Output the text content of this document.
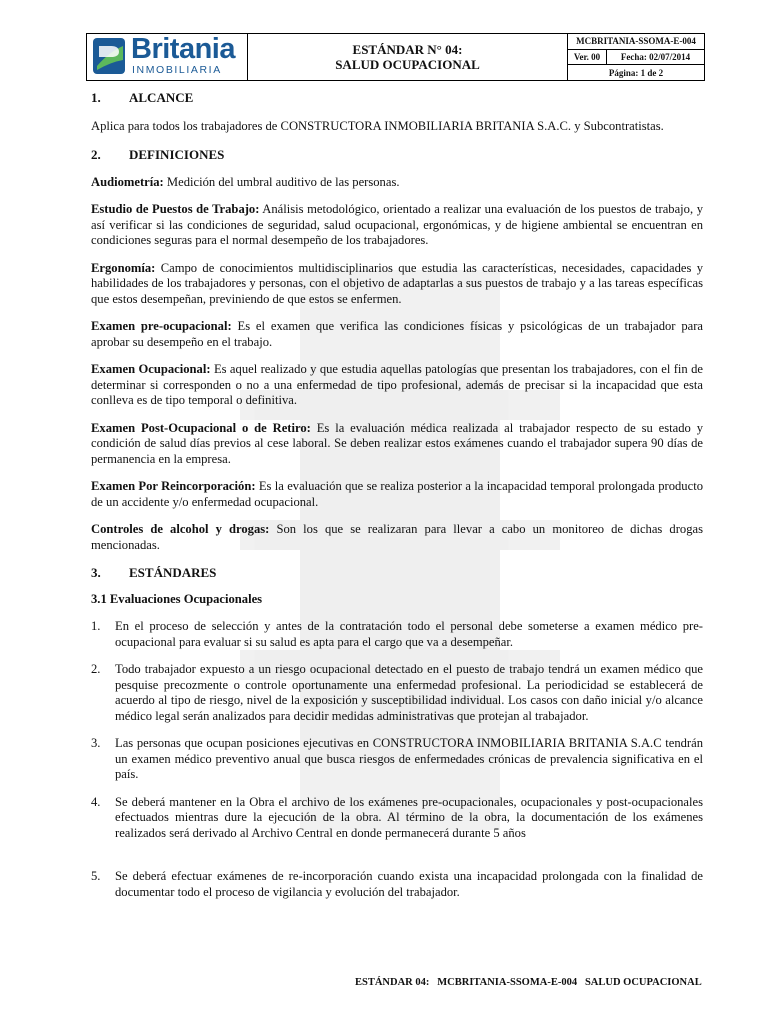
Britania
INMOBILIARIA
ESTÁNDAR N° 04:
SALUD OCUPACIONAL
MCBRITANIA-SSOMA-E-004
Ver. 00	Fecha: 02/07/2014
Página: 1 de 2
1.	ALCANCE

Aplica para todos los trabajadores de CONSTRUCTORA INMOBILIARIA BRITANIA S.A.C. y Subcontratistas.

2.	DEFINICIONES

Audiometría: Medición del umbral auditivo de las personas.

Estudio de Puestos de Trabajo: Análisis metodológico, orientado a realizar una evaluación de los puestos de trabajo, y así verificar si las condiciones de seguridad, salud ocupacional, ergonómicas, y de higiene ambiental se encuentran en condiciones seguras para el normal desempeño de los trabajadores.

Ergonomía: Campo de conocimientos multidisciplinarios que estudia las características, necesidades, capacidades y habilidades de los trabajadores y personas, con el objetivo de adaptarlas a sus puestos de trabajo y a las tareas específicas que estos desempeñan, previniendo de que estos se enfermen.

Examen pre-ocupacional: Es el examen que verifica las condiciones físicas y psicológicas de un trabajador para aprobar su desempeño en el trabajo.

Examen Ocupacional: Es aquel realizado y que estudia aquellas patologías que presentan los trabajadores, con el fin de determinar si corresponden o no a una enfermedad de tipo profesional, además de precisar si la incapacidad que esta conlleva es de tipo temporal o definitiva.

Examen Post-Ocupacional o de Retiro: Es la evaluación médica realizada al trabajador respecto de su estado y condición de salud días previos al cese laboral. Se deben realizar estos exámenes cuando el trabajador supera 90 días de permanencia en la empresa.

Examen Por Reincorporación: Es la evaluación que se realiza posterior a la incapacidad temporal prolongada producto de un accidente y/o enfermedad ocupacional.

Controles de alcohol y drogas: Son los que se realizaran para llevar a cabo un monitoreo de dichas drogas mencionadas.

3.	ESTÁNDARES

3.1 Evaluaciones Ocupacionales

1.	En el proceso de selección y antes de la contratación todo el personal debe someterse a examen médico pre-ocupacional para evaluar si su salud es apta para el cargo que va a desempeñar.
2.	Todo trabajador expuesto a un riesgo ocupacional detectado en el puesto de trabajo tendrá un examen médico que pesquise precozmente o controle oportunamente una enfermedad profesional. La periodicidad se establecerá de acuerdo al tipo de riesgo, nivel de la exposición y susceptibilidad individual. Los casos con daño inicial y/o alcance médico legal serán analizados para decidir medidas administrativas que protejan al trabajador.
3.	Las personas que ocupan posiciones ejecutivas en CONSTRUCTORA INMOBILIARIA BRITANIA S.A.C tendrán un examen médico preventivo anual que busca riesgos de enfermedades crónicas de prevalencia significativa en el país.
4.	Se deberá mantener en la Obra el archivo de los exámenes pre-ocupacionales, ocupacionales y post-ocupacionales efectuados mientras dure la ejecución de la obra. Al término de la obra, la documentación de los exámenes realizados será derivado al Archivo Central en donde permanecerá durante 5 años
5.	Se deberá efectuar exámenes de re-incorporación cuando exista una incapacidad prolongada con la finalidad de documentar todo el proceso de vigilancia y evolución del trabajador.
ESTÁNDAR 04:   MCBRITANIA-SSOMA-E-004   SALUD OCUPACIONAL
